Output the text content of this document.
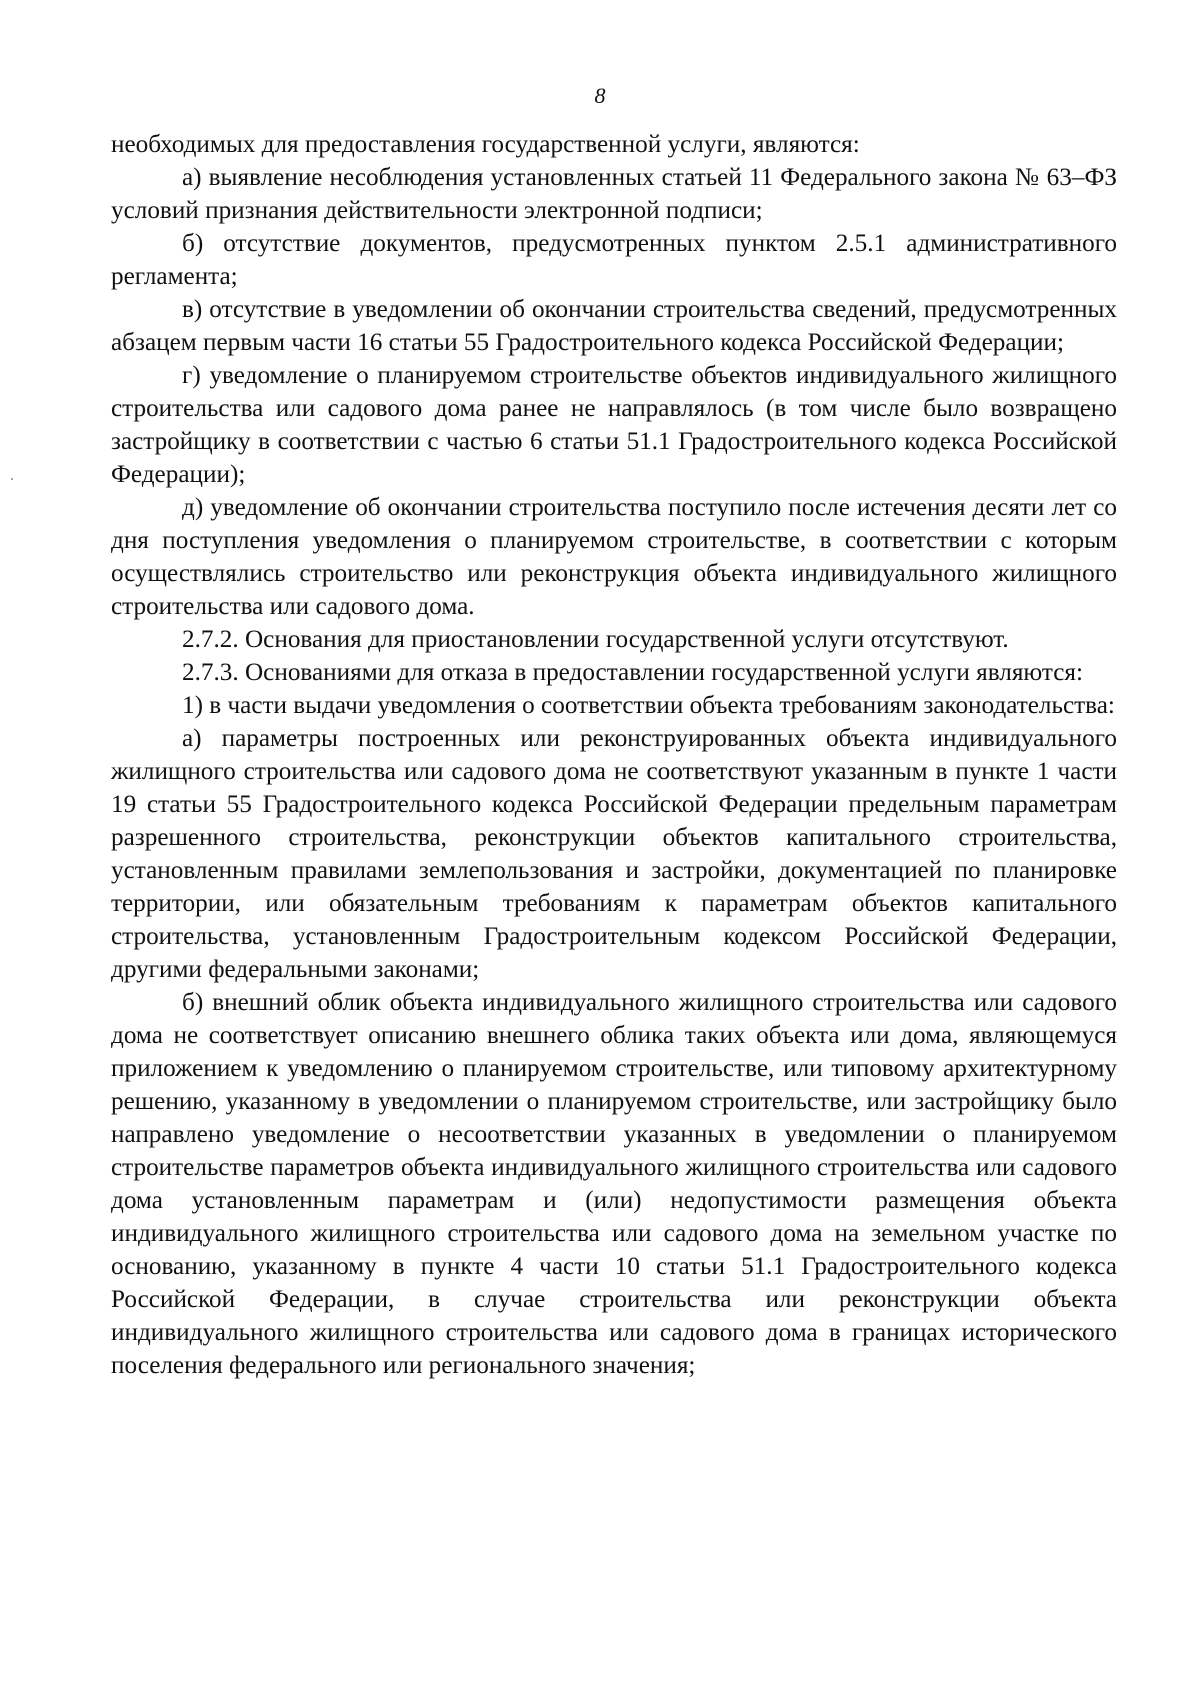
8

необходимых для предоставления государственной услуги, являются:

а) выявление несоблюдения установленных статьей 11 Федерального закона № 63–ФЗ условий признания действительности электронной подписи;

б) отсутствие документов, предусмотренных пунктом 2.5.1 административного регламента;

в) отсутствие в уведомлении об окончании строительства сведений, предусмотренных абзацем первым части 16 статьи 55 Градостроительного кодекса Российской Федерации;

г) уведомление о планируемом строительстве объектов индивидуального жилищного строительства или садового дома ранее не направлялось (в том числе было возвращено застройщику в соответствии с частью 6 статьи 51.1 Градостроительного кодекса Российской Федерации);

д) уведомление об окончании строительства поступило после истечения десяти лет со дня поступления уведомления о планируемом строительстве, в соответствии с которым осуществлялись строительство или реконструкция объекта индивидуального жилищного строительства или садового дома.

2.7.2. Основания для приостановлении государственной услуги отсутствуют.

2.7.3. Основаниями для отказа в предоставлении государственной услуги являются:

1) в части выдачи уведомления о соответствии объекта требованиям законодательства:

а) параметры построенных или реконструированных объекта индивидуального жилищного строительства или садового дома не соответствуют указанным в пункте 1 части 19 статьи 55 Градостроительного кодекса Российской Федерации предельным параметрам разрешенного строительства, реконструкции объектов капитального строительства, установленным правилами землепользования и застройки, документацией по планировке территории, или обязательным требованиям к параметрам объектов капитального строительства, установленным Градостроительным кодексом Российской Федерации, другими федеральными законами;

б) внешний облик объекта индивидуального жилищного строительства или садового дома не соответствует описанию внешнего облика таких объекта или дома, являющемуся приложением к уведомлению о планируемом строительстве, или типовому архитектурному решению, указанному в уведомлении о планируемом строительстве, или застройщику было направлено уведомление о несоответствии указанных в уведомлении о планируемом строительстве параметров объекта индивидуального жилищного строительства или садового дома установленным параметрам и (или) недопустимости размещения объекта индивидуального жилищного строительства или садового дома на земельном участке по основанию, указанному в пункте 4 части 10 статьи 51.1 Градостроительного кодекса Российской Федерации, в случае строительства или реконструкции объекта индивидуального жилищного строительства или садового дома в границах исторического поселения федерального или регионального значения;
